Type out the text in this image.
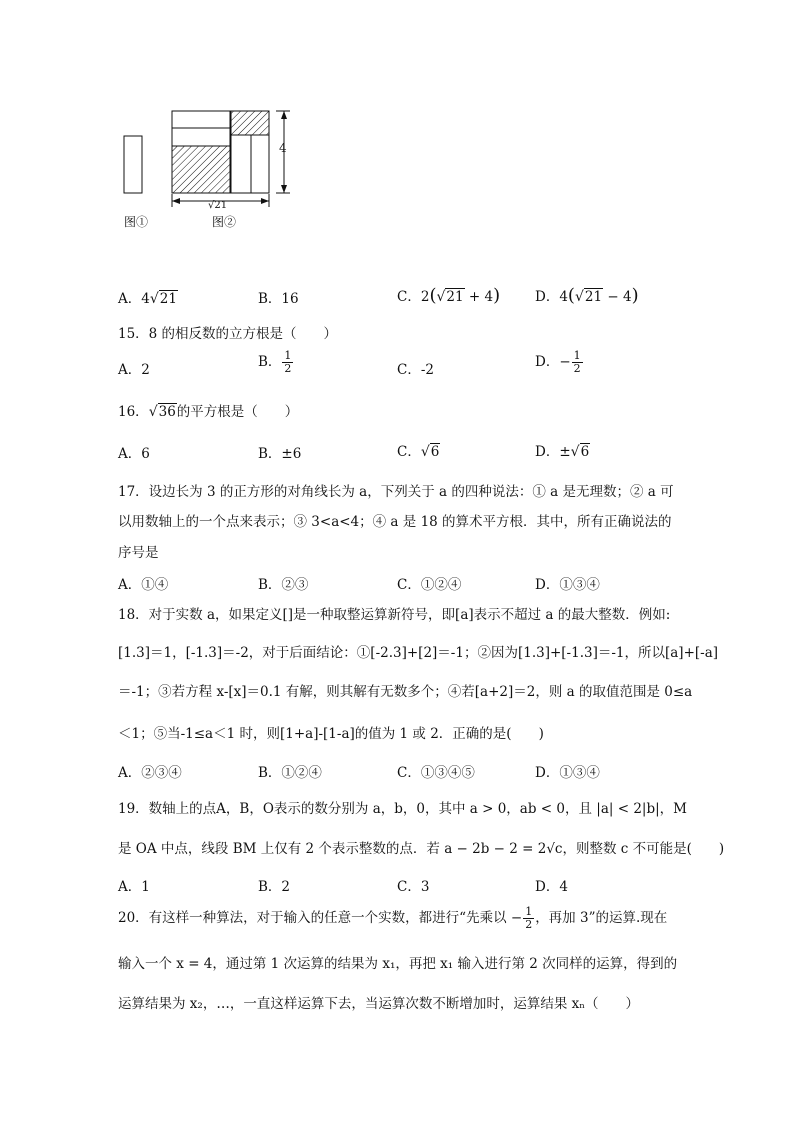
4
√21
图①	图②
A．4√21	B．16	C．2(√21 + 4)	D．4(√21 − 4)
15．8 的相反数的立方根是（　　）
A．2	B． $\frac{1}{2}$	C．-2	D．− $\frac{1}{2}$
16．√36的平方根是（　　）
A．6	B．±6	C．√6	D．±√6
17．设边长为 3 的正方形的对角线长为 a，下列关于 a 的四种说法：① a 是无理数；② a 可
以用数轴上的一个点来表示；③ 3<a<4；④ a 是 18 的算术平方根．其中，所有正确说法的
序号是
A．①④	B．②③	C．①②④	D．①③④
18．对于实数 a，如果定义[]是一种取整运算新符号，即[a]表示不超过 a 的最大整数．例如:
[1.3]＝1，[-1.3]＝-2，对于后面结论：①[-2.3]+[2]＝-1；②因为[1.3]+[-1.3]＝-1，所以[a]+[-a]
＝-1；③若方程 x-[x]＝0.1 有解，则其解有无数多个；④若[a+2]＝2，则 a 的取值范围是 0≤a
＜1；⑤当-1≤a＜1 时，则[1+a]-[1-a]的值为 1 或 2．正确的是(　　)
A．②③④	B．①②④	C．①③④⑤	D．①③④
19．数轴上的点A，B，O表示的数分别为 a，b，0，其中 a > 0，ab < 0，且 |a| < 2|b|，M
是 OA 中点，线段 BM 上仅有 2 个表示整数的点．若 a − 2b − 2 = 2√c，则整数 c 不可能是(　　)
A．1	B．2	C．3	D．4
20．有这样一种算法，对于输入的任意一个实数，都进行“先乘以 − $\frac{1}{2}$ ，再加 3”的运算.现在
输入一个 x = 4，通过第 1 次运算的结果为 x₁，再把 x₁ 输入进行第 2 次同样的运算，得到的
运算结果为 x₂，…，一直这样运算下去，当运算次数不断增加时，运算结果 xₙ（　　）
